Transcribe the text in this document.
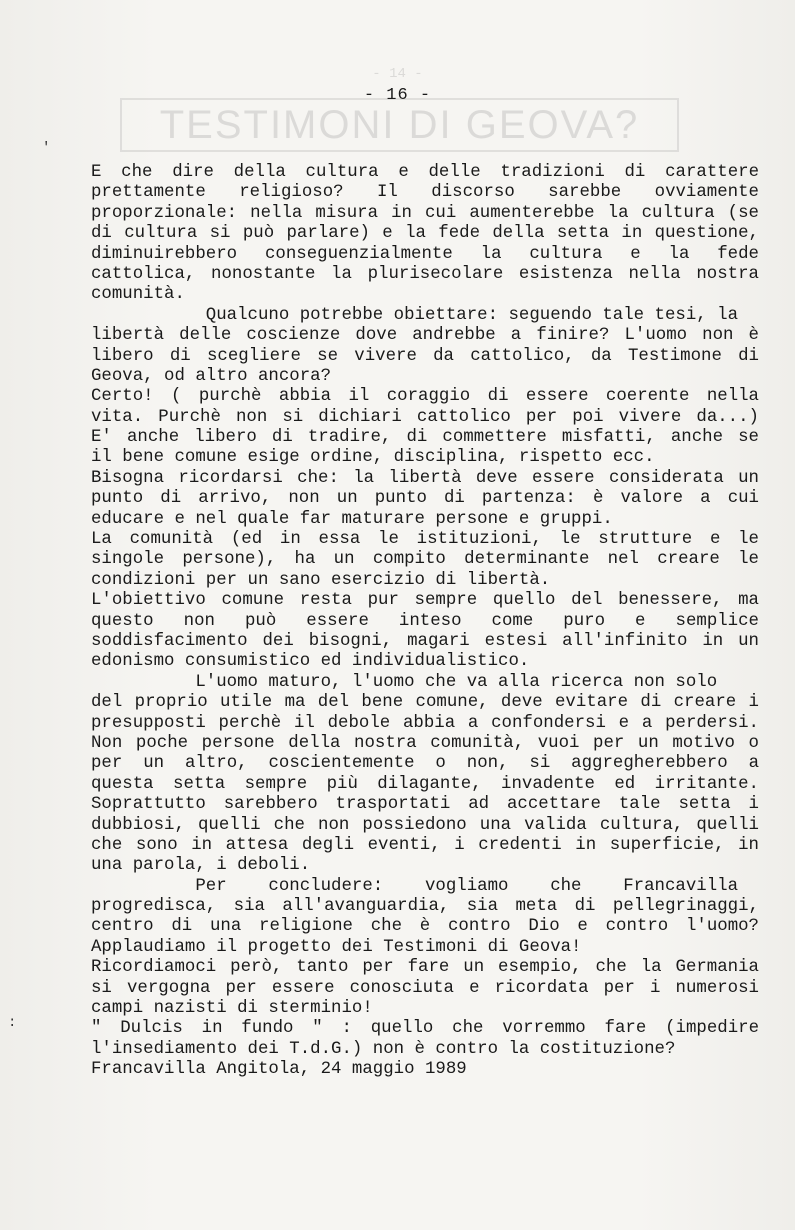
- 14 -
TESTIMONI DI GEOVA?
- 16 -
'
:
E che dire della cultura e delle tradizioni di carattere
prettamente religioso? Il discorso sarebbe ovviamente
proporzionale: nella misura in cui aumenterebbe la cultura (se
di cultura si può parlare) e la fede della setta in questione,
diminuirebbero conseguenzialmente la cultura e la fede
cattolica, nonostante la plurisecolare esistenza nella nostra
comunità.
Qualcuno potrebbe obiettare: seguendo tale tesi, la
libertà delle coscienze dove andrebbe a finire? L'uomo non è
libero di scegliere se vivere da cattolico, da Testimone di
Geova, od altro ancora?
Certo! ( purchè abbia il coraggio di essere coerente nella
vita. Purchè non si dichiari cattolico per poi vivere da...)
E' anche libero di tradire, di commettere misfatti, anche se
il bene comune esige ordine, disciplina, rispetto ecc.
Bisogna ricordarsi che: la libertà deve essere considerata un
punto di arrivo, non un punto di partenza: è valore a cui
educare e nel quale far maturare persone e gruppi.
La comunità (ed in essa le istituzioni, le strutture e le
singole persone), ha un compito determinante nel creare le
condizioni per un sano esercizio di libertà.
L'obiettivo comune resta pur sempre quello del benessere, ma
questo non può essere inteso come puro e semplice
soddisfacimento dei bisogni, magari estesi all'infinito in un
edonismo consumistico ed individualistico.
L'uomo maturo, l'uomo che va alla ricerca non solo
del proprio utile ma del bene comune, deve evitare di creare i
presupposti perchè il debole abbia a confondersi e a perdersi.
Non poche persone della nostra comunità, vuoi per un motivo o
per un altro, coscientemente o non, si aggregherebbero a
questa setta sempre più dilagante, invadente ed irritante.
Soprattutto sarebbero trasportati ad accettare tale setta i
dubbiosi, quelli che non possiedono una valida cultura, quelli
che sono in attesa degli eventi, i credenti in superficie, in
una parola, i deboli.
Per    concludere:    vogliamo    che    Francavilla
progredisca, sia all'avanguardia, sia meta di pellegrinaggi,
centro di una religione che è contro Dio e contro l'uomo?
Applaudiamo il progetto dei Testimoni di Geova!
Ricordiamoci però, tanto per fare un esempio, che la Germania
si vergogna per essere conosciuta e ricordata per i numerosi
campi nazisti di sterminio!
" Dulcis in fundo " : quello che vorremmo fare (impedire
l'insediamento dei T.d.G.) non è contro la costituzione?
Francavilla Angitola, 24 maggio 1989
